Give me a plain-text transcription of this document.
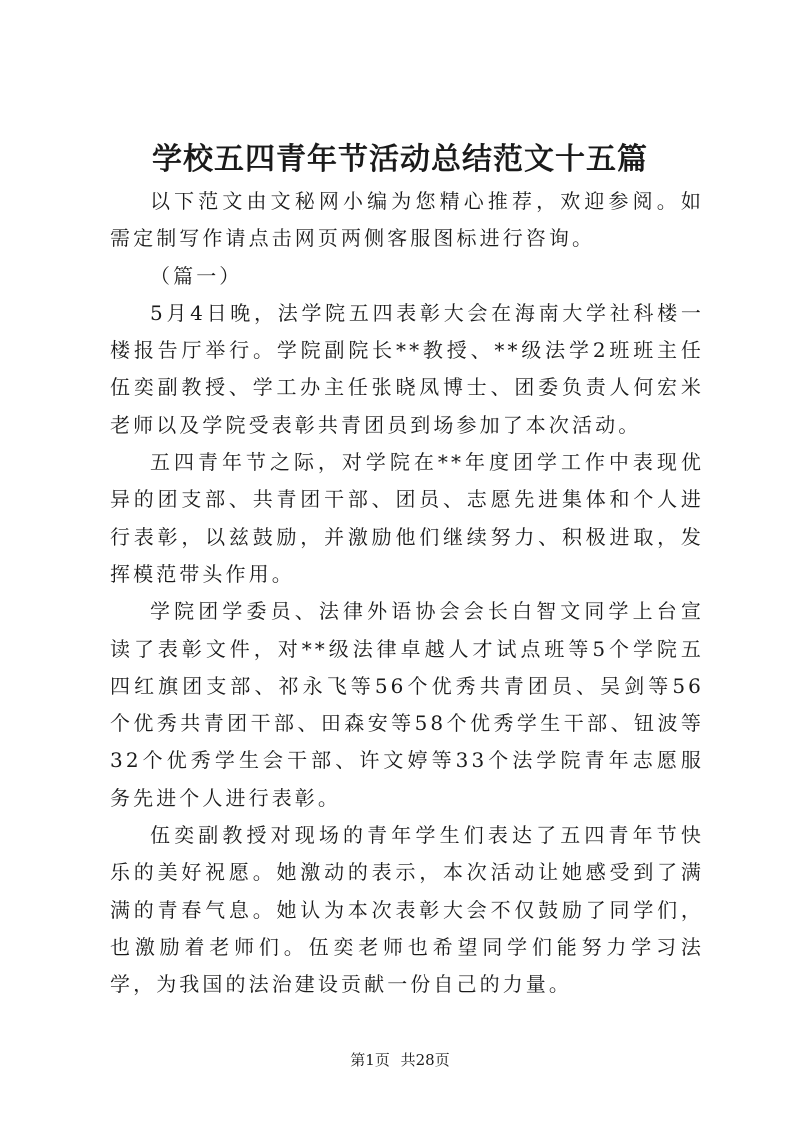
学校五四青年节活动总结范文十五篇

以下范文由文秘网小编为您精心推荐，欢迎参阅。如需定制写作请点击网页两侧客服图标进行咨询。

（篇一）

5月4日晚，法学院五四表彰大会在海南大学社科楼一楼报告厅举行。学院副院长**教授、**级法学2班班主任伍奕副教授、学工办主任张晓凤博士、团委负责人何宏米老师以及学院受表彰共青团员到场参加了本次活动。

五四青年节之际，对学院在**年度团学工作中表现优异的团支部、共青团干部、团员、志愿先进集体和个人进行表彰，以兹鼓励，并激励他们继续努力、积极进取，发挥模范带头作用。

学院团学委员、法律外语协会会长白智文同学上台宣读了表彰文件，对**级法律卓越人才试点班等5个学院五四红旗团支部、祁永飞等56个优秀共青团员、吴剑等56个优秀共青团干部、田森安等58个优秀学生干部、钮波等32个优秀学生会干部、许文婷等33个法学院青年志愿服务先进个人进行表彰。

伍奕副教授对现场的青年学生们表达了五四青年节快乐的美好祝愿。她激动的表示，本次活动让她感受到了满满的青春气息。她认为本次表彰大会不仅鼓励了同学们，也激励着老师们。伍奕老师也希望同学们能努力学习法学，为我国的法治建设贡献一份自己的力量。

第1页 共28页
